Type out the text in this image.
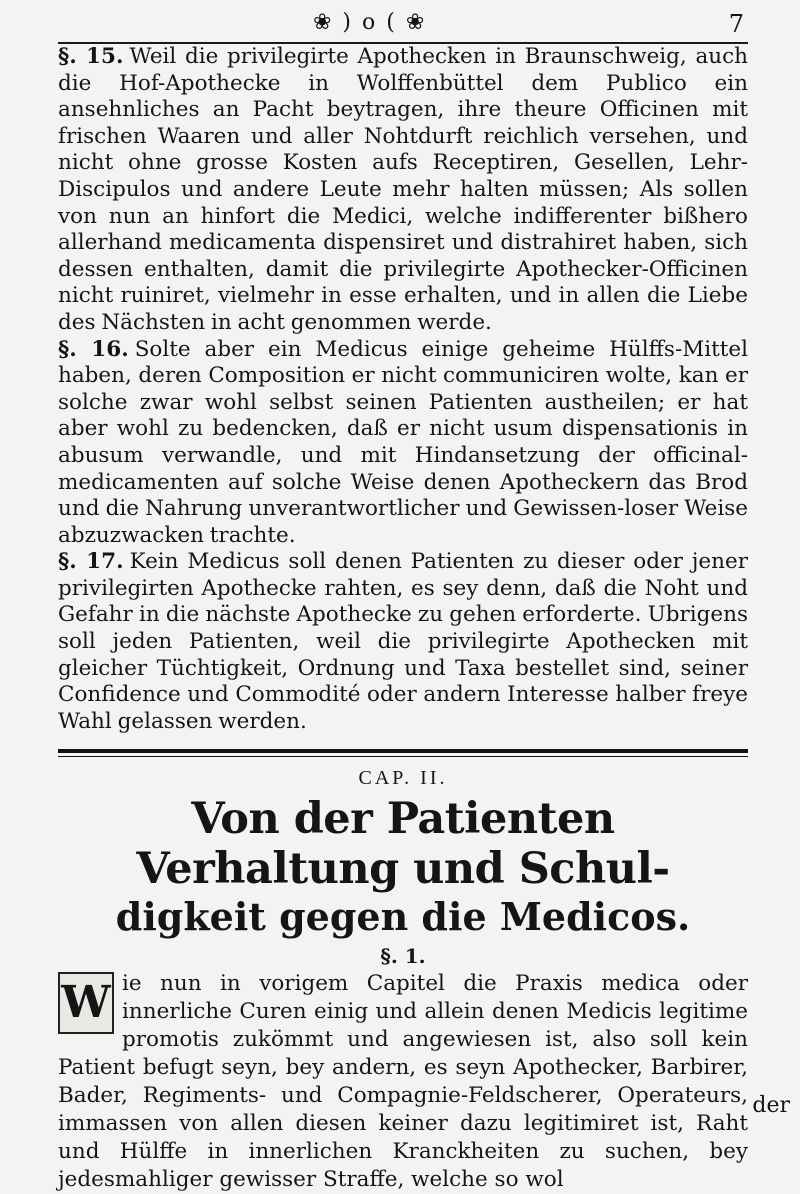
❀ ) o ( ❀	7

§. 15. Weil die privilegirte Apothecken in Braunschweig, auch die Hof-Apothecke in Wolffenbüttel dem Publico ein ansehnliches an Pacht beytragen, ihre theure Officinen mit frischen Waaren und aller Nohtdurft reichlich versehen, und nicht ohne grosse Kosten aufs Receptiren, Gesellen, Lehr-Discipulos und andere Leute mehr halten müssen; Als sollen von nun an hinfort die Medici, welche indifferenter bißhero allerhand medicamenta dispensiret und distrahiret haben, sich dessen enthalten, damit die privilegirte Apothecker-Officinen nicht ruiniret, vielmehr in esse erhalten, und in allen die Liebe des Nächsten in acht genommen werde.

§. 16. Solte aber ein Medicus einige geheime Hülffs-Mittel haben, deren Composition er nicht communiciren wolte, kan er solche zwar wohl selbst seinen Patienten austheilen; er hat aber wohl zu bedencken, daß er nicht usum dispensationis in abusum verwandle, und mit Hindansetzung der officinal-medicamenten auf solche Weise denen Apotheckern das Brod und die Nahrung unverantwortlicher und Gewissen-loser Weise abzuzwacken trachte.

§. 17. Kein Medicus soll denen Patienten zu dieser oder jener privilegirten Apothecke rahten, es sey denn, daß die Noht und Gefahr in die nächste Apothecke zu gehen erforderte. Ubrigens soll jeden Patienten, weil die privilegirte Apothecken mit gleicher Tüchtigkeit, Ordnung und Taxa bestellet sind, seiner Confidence und Commodité oder andern Interesse halber freye Wahl gelassen werden.

CAP. II.
Von der Patienten Verhaltung und Schul-
digkeit gegen die Medicos.
§. 1.
W ie nun in vorigem Capitel die Praxis medica oder innerliche Curen einig und allein denen Medicis legitime promotis zukömmt und angewiesen ist, also soll kein Patient befugt seyn, bey andern, es seyn Apothecker, Barbirer, Bader, Regiments- und Compagnie-Feldscherer, Operateurs, immassen von allen diesen keiner dazu legitimiret ist, Raht und Hülffe in innerlichen Kranckheiten zu suchen, bey jedesmahliger gewisser Straffe, welche so wol
der
